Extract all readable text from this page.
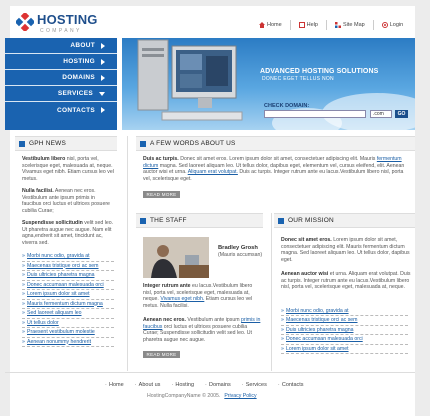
HOSTING
COMPANY
Home	Help	Site Map	Login
ABOUT
HOSTING
DOMAINS
SERVICES
CONTACTS
ADVANCED HOSTING SOLUTIONS
DONEC EGET TELLUS NON
CHECK DOMAIN:
.com	GO
GPH NEWS

Vestibulum libero nisl, porta vel, scelerisque eget, malesuada at, neque. Vivamus eget nibh. Etiam cursus leo vel metus.

Nulla facilisi. Aenean nec eros. Vestibulum ante ipsum primis in faucibus orci luctus et ultrices posuere cubilia Curae;

Suspendisse sollicitudin velit sed leo. Ut pharetra augue nec augue. Nam elit agna,endrerit sit amet, tincidunt ac, viverra sed.

» Morbi nunc odio, gravida at
» Maecenas tristique orci ac sem
» Duis ultricies pharetra magna
» Donec accumsan malesuada orci
» Lorem ipsum dolor sit amet
» Mauris fermentum dictum magna
» Sed laoreet aliquam leo
» Ut tellus dolor
» Praesent vestibulum molestie
» Aenean nonummy hendrerit
A FEW WORDS ABOUT US
Duis ac turpis. Donec sit amet eros. Lorem ipsum dolor sit amet, consectetuer adipiscing elit. Mauris fermentum dictum magna. Sed laoreet aliquam leo. Ut tellus dolor, dapibus eget, elementum vel, cursus eleifend, elit. Aenean auctor wisi et urna. Aliquam erat volutpat. Duis ac turpis. Integer rutrum ante eu lacus.Vestibulum libero nisl, porta vel, scelerisque eget.
READ MORE
THE STAFF
Bradley Grosh
(Mauris accumsan)
Integer rutrum ante eu lacus.Vestibulum libero nisl, porta vel, scelerisque eget, malesuada at, neque. Vivamus eget nibh. Etiam cursus leo vel metus. Nulla facilisi.
Aenean nec eros. Vestibulum ante ipsum primis in faucibus orci luctus et ultrices posuere cubilia Curae; Suspendisse sollicitudin velit sed leo. Ut pharetra augue nec augue.
READ MORE
OUR MISSION
Donec sit amet eros. Lorem ipsum dolor sit amet, consectetuer adipiscing elit. Mauris fermentum dictum magna. Sed laoreet aliquam leo. Ut tellus dolor, dapibus eget.
Aenean auctor wisi et urna. Aliquam erat volutpat. Duis ac turpis. Integer rutrum ante eu lacus.Vestibulum libero nisl, porta vel, scelerisque eget, malesuada at, neque.
» Morbi nunc odio, gravida at
» Maecenas tristique orci ac sem
» Duis ultricies pharetra magna
» Donec accumsan malesuada orci
» Lorem ipsum dolor sit amet
· Home	· About us	· Hosting	· Domains	· Services	· Contacts
HostingCompanyName © 2005. Privacy Policy
